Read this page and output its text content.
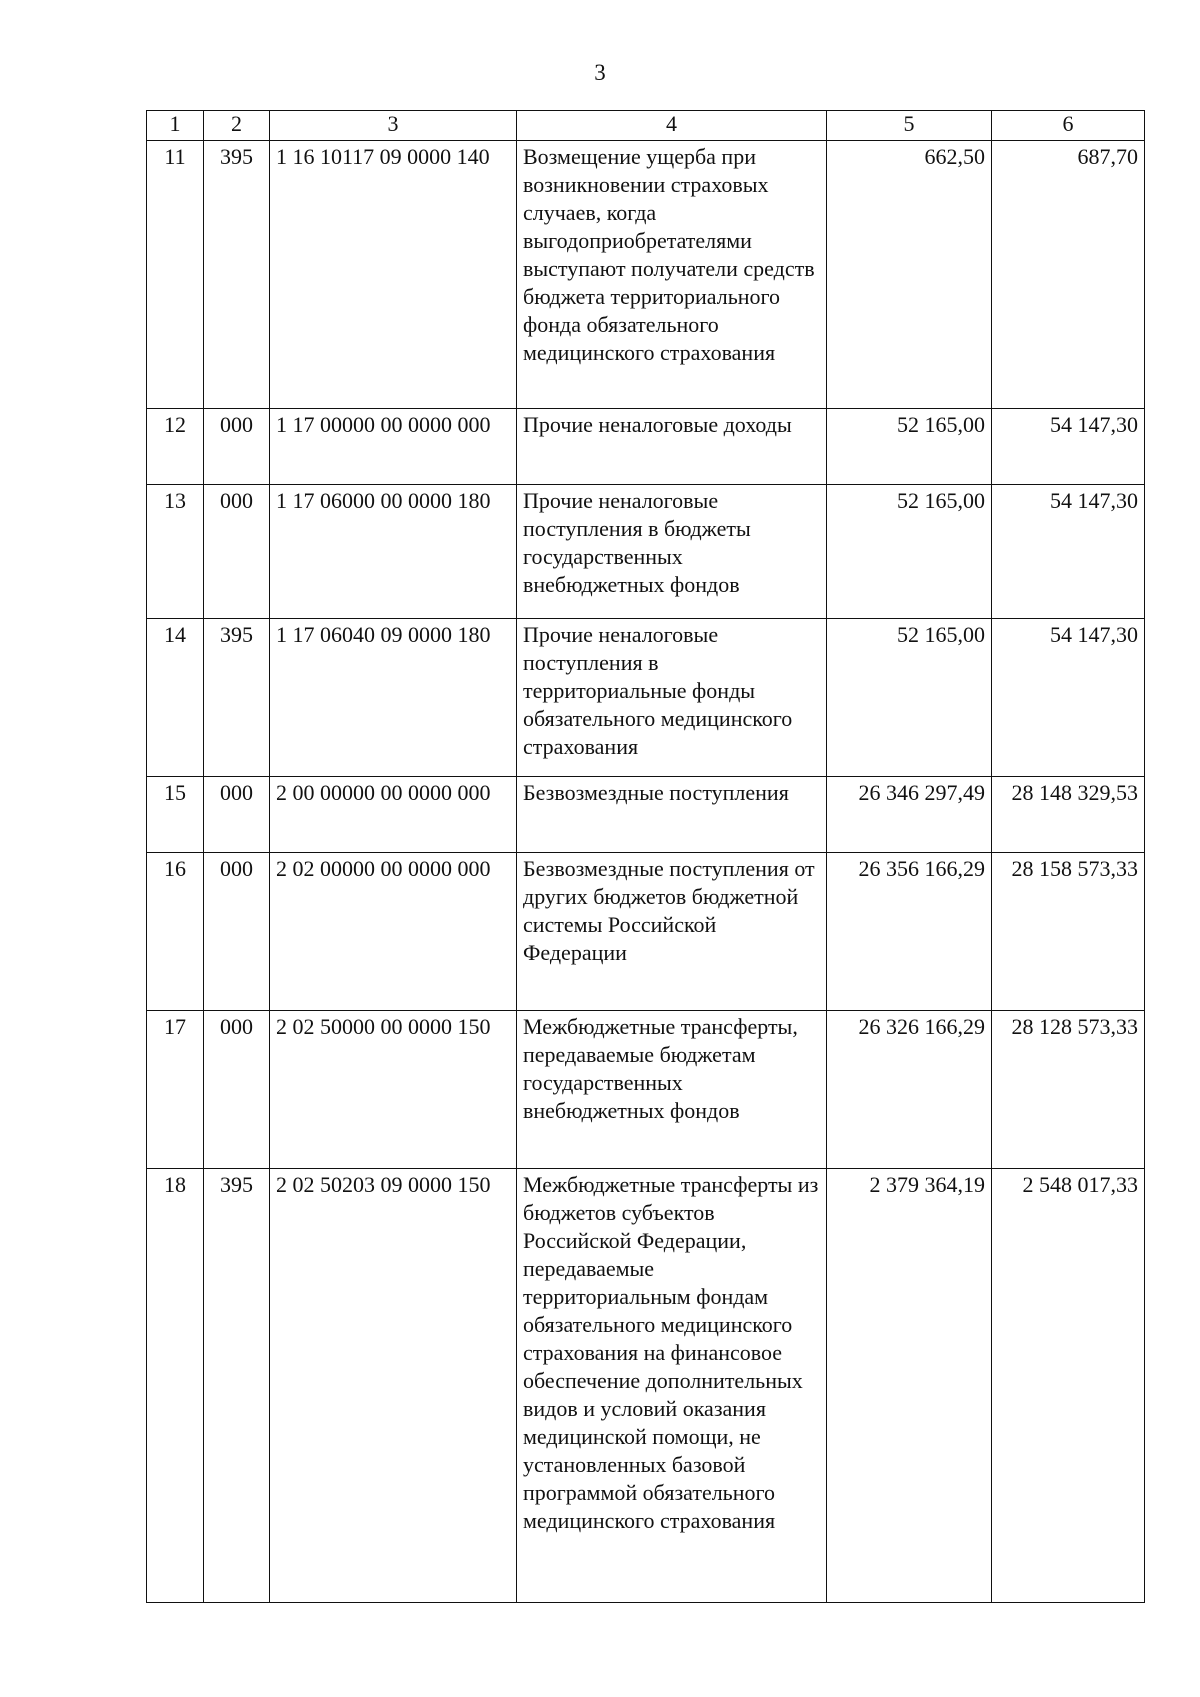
3
1	2	3	4	5	6
11	395	1 16 10117 09 0000 140	Возмещение ущерба при возникновении страховых случаев, когда выгодоприобретателями выступают получатели средств бюджета территориального фонда обязательного медицинского страхования	662,50	687,70
12	000	1 17 00000 00 0000 000	Прочие неналоговые доходы	52 165,00	54 147,30
13	000	1 17 06000 00 0000 180	Прочие неналоговые поступления в бюджеты государственных внебюджетных фондов	52 165,00	54 147,30
14	395	1 17 06040 09 0000 180	Прочие неналоговые поступления в территориальные фонды обязательного медицинского страхования	52 165,00	54 147,30
15	000	2 00 00000 00 0000 000	Безвозмездные поступления	26 346 297,49	28 148 329,53
16	000	2 02 00000 00 0000 000	Безвозмездные поступления от других бюджетов бюджетной системы Российской Федерации	26 356 166,29	28 158 573,33
17	000	2 02 50000 00 0000 150	Межбюджетные трансферты, передаваемые бюджетам государственных внебюджетных фондов	26 326 166,29	28 128 573,33
18	395	2 02 50203 09 0000 150	Межбюджетные трансферты из бюджетов субъектов Российской Федерации, передаваемые территориальным фондам обязательного медицинского страхования на финансовое обеспечение дополнительных видов и условий оказания медицинской помощи, не установленных базовой программой обязательного медицинского страхования	2 379 364,19	2 548 017,33
